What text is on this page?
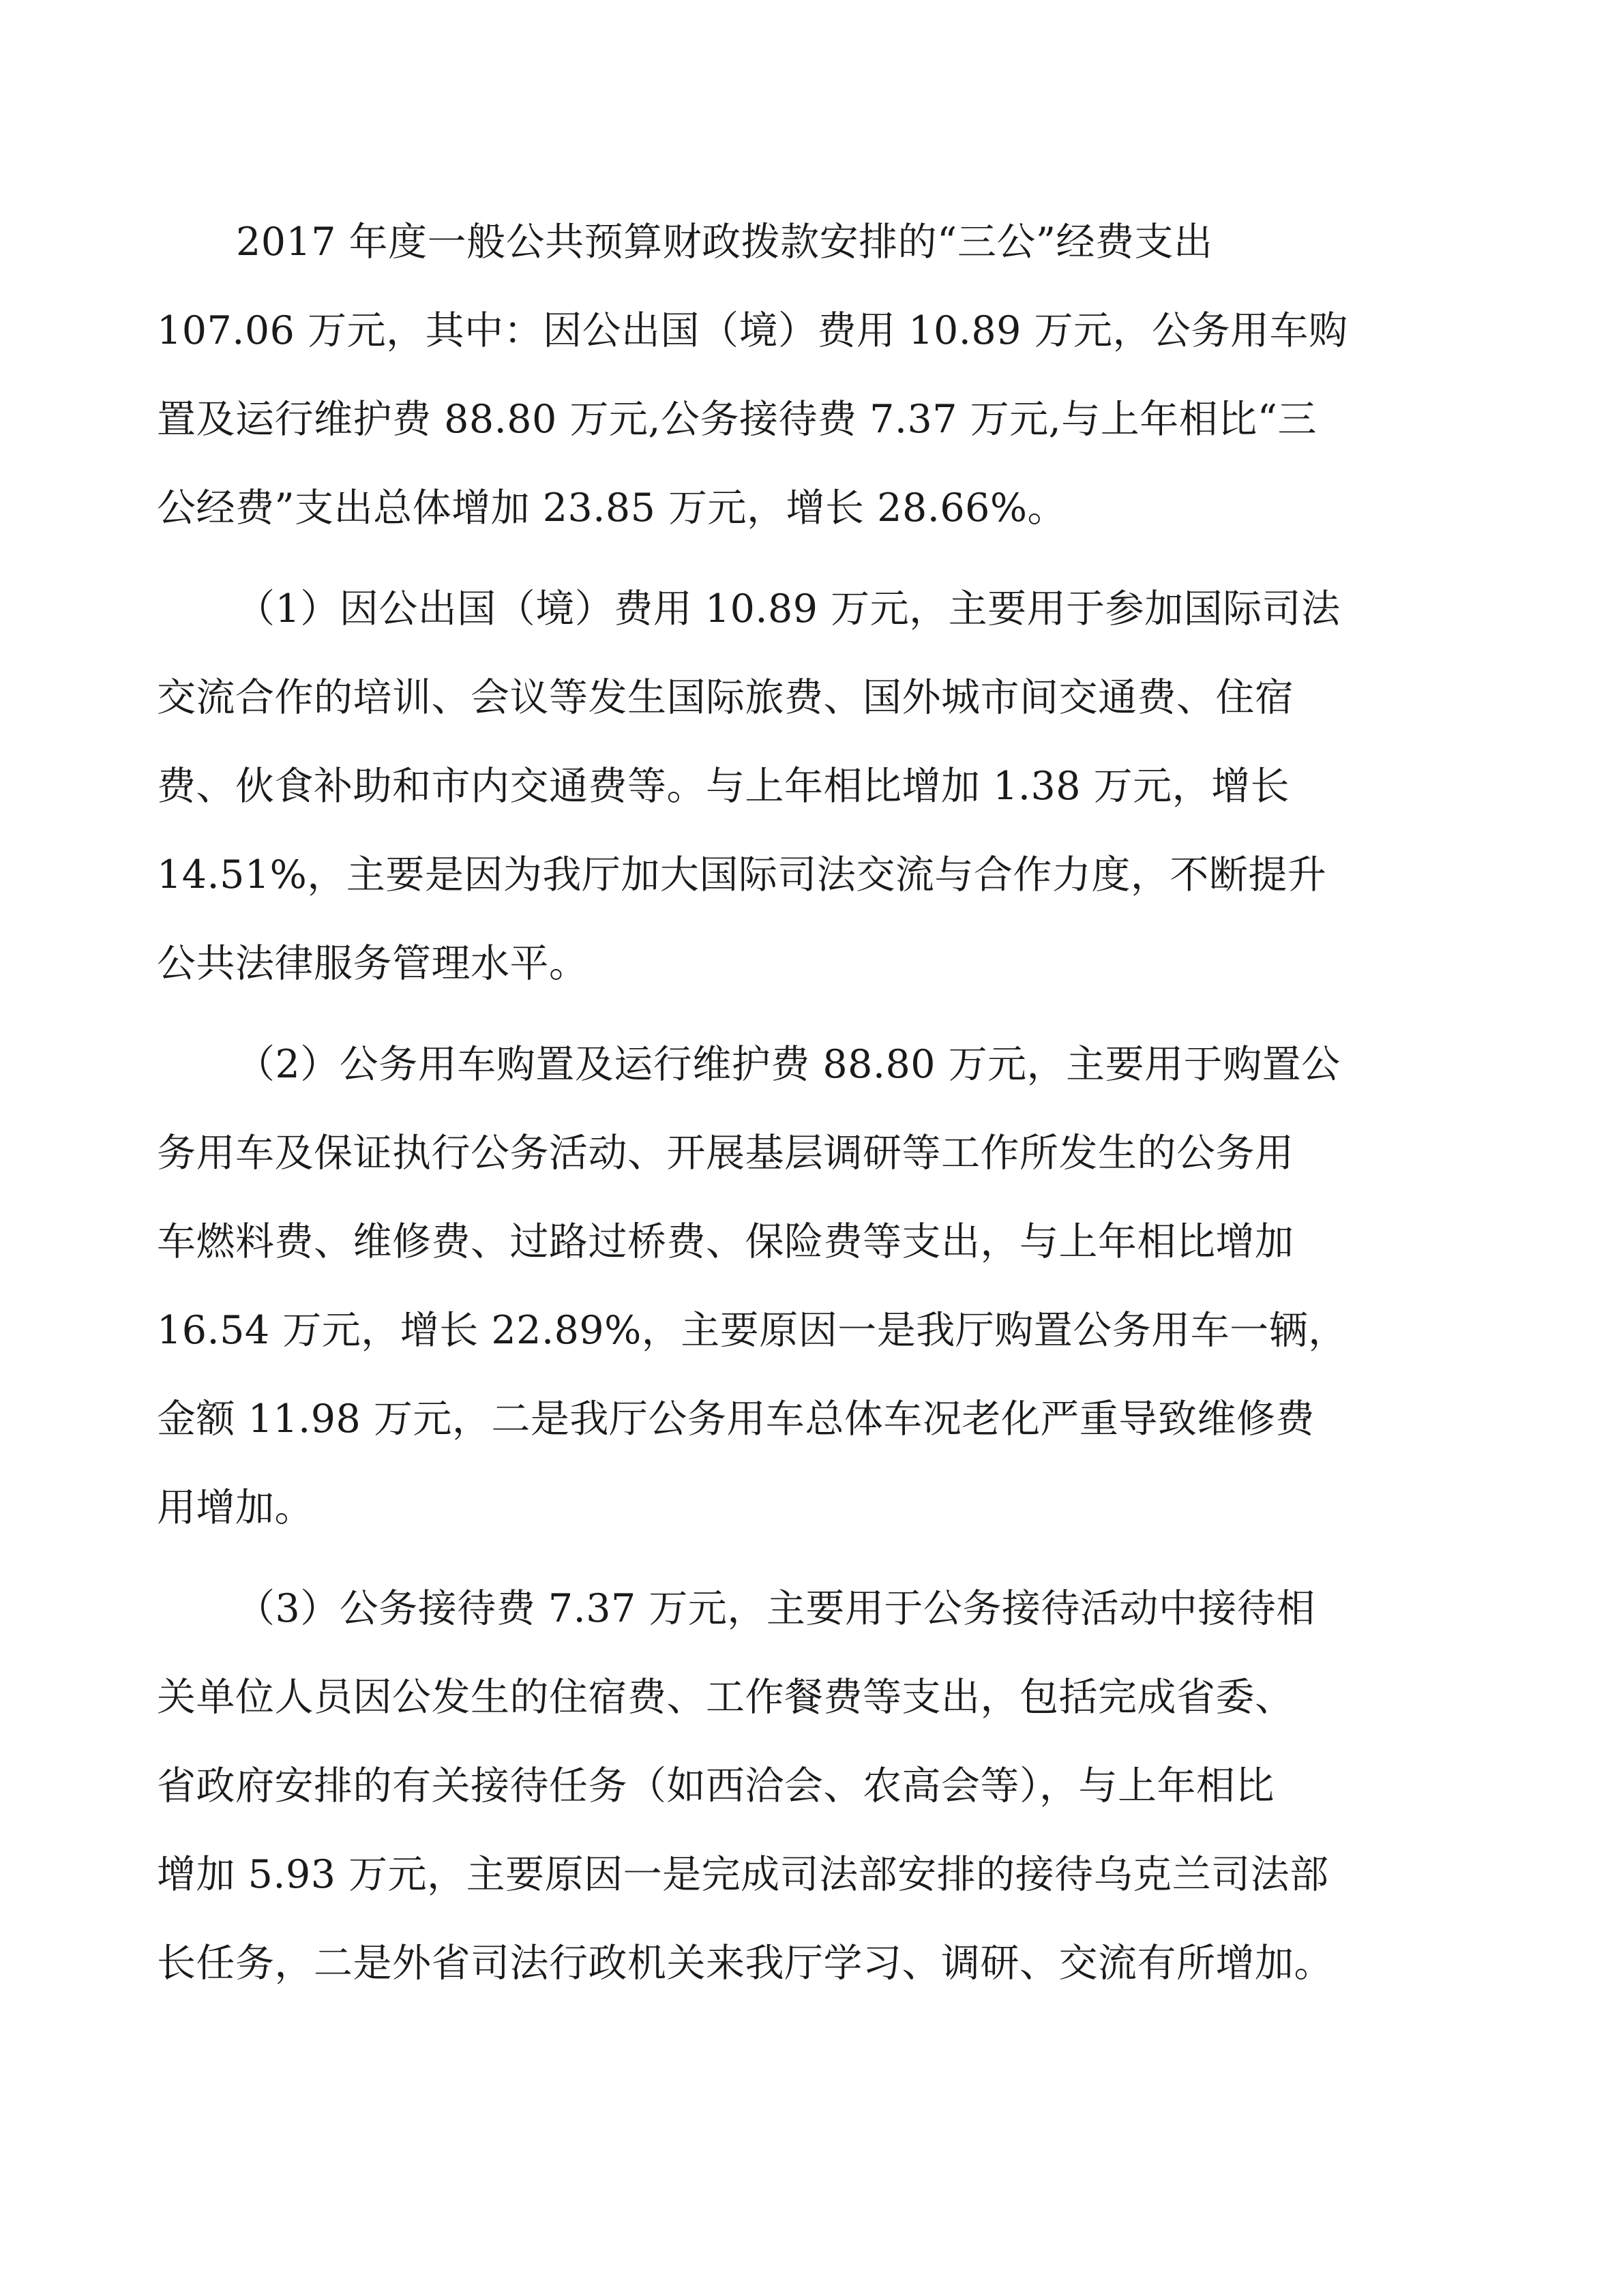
2017 年度一般公共预算财政拨款安排的“三公”经费支出
107.06 万元，其中：因公出国（境）费用 10.89 万元，公务用车购
置及运行维护费 88.80 万元,公务接待费 7.37 万元,与上年相比“三
公经费”支出总体增加 23.85 万元，增长 28.66%。
（1）因公出国（境）费用 10.89 万元，主要用于参加国际司法
交流合作的培训、会议等发生国际旅费、国外城市间交通费、住宿
费、伙食补助和市内交通费等。与上年相比增加 1.38 万元，增长
14.51%，主要是因为我厅加大国际司法交流与合作力度，不断提升
公共法律服务管理水平。
（2）公务用车购置及运行维护费 88.80 万元，主要用于购置公
务用车及保证执行公务活动、开展基层调研等工作所发生的公务用
车燃料费、维修费、过路过桥费、保险费等支出，与上年相比增加
16.54 万元，增长 22.89%，主要原因一是我厅购置公务用车一辆，
金额 11.98 万元，二是我厅公务用车总体车况老化严重导致维修费
用增加。
（3）公务接待费 7.37 万元，主要用于公务接待活动中接待相
关单位人员因公发生的住宿费、工作餐费等支出，包括完成省委、
省政府安排的有关接待任务（如西洽会、农高会等），与上年相比
增加 5.93 万元，主要原因一是完成司法部安排的接待乌克兰司法部
长任务，二是外省司法行政机关来我厅学习、调研、交流有所增加。
